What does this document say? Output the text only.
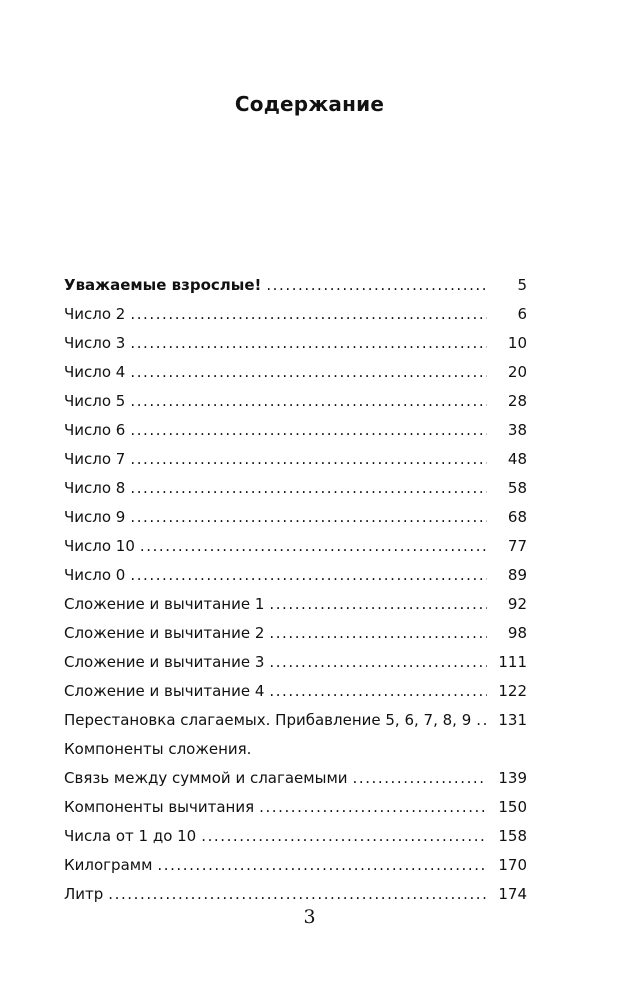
Содержание
Уважаемые взрослые! . . .	5
Число 2 . . .	6
Число 3 . . .	10
Число 4 . . .	20
Число 5 . . .	28
Число 6 . . .	38
Число 7 . . .	48
Число 8 . . .	58
Число 9 . . .	68
Число 10 . . .	77
Число 0 . . .	89
Сложение и вычитание 1 . . .	92
Сложение и вычитание 2 . . .	98
Сложение и вычитание 3 . . .	111
Сложение и вычитание 4 . . .	122
Перестановка слагаемых. Прибавление 5, 6, 7, 8, 9 . . .	131
Компоненты сложения.
Связь между суммой и слагаемыми . . .	139
Компоненты вычитания . . .	150
Числа от 1 до 10 . . .	158
Килограмм . . .	170
Литр . . .	174
3
